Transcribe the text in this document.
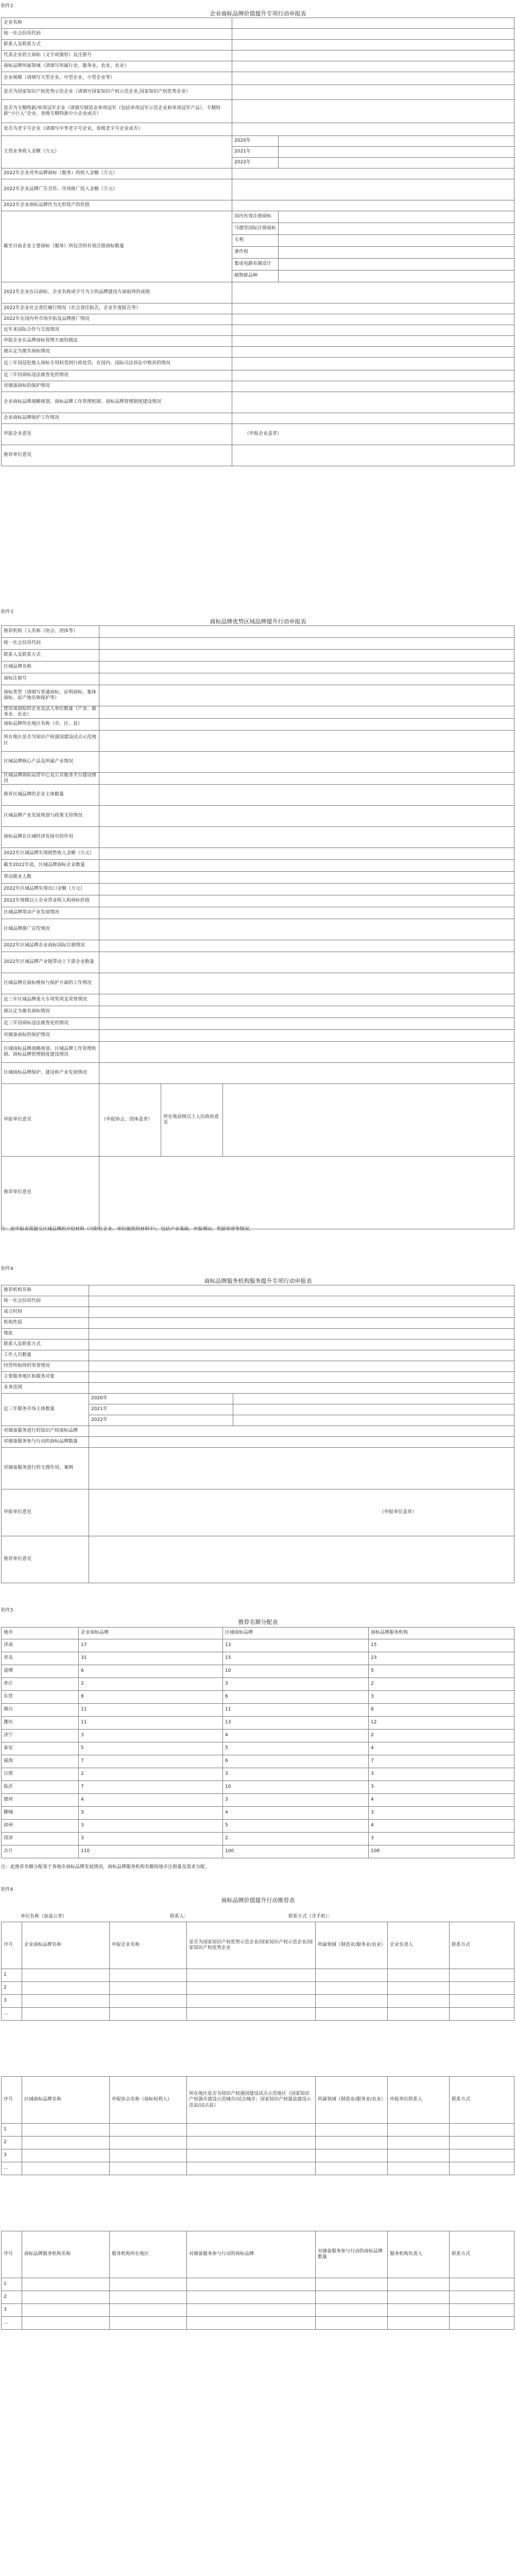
附件2
企业商标品牌价值提升专项行动申报表
企业名称		
统一社会信用代码		
联系人及联系方式		
代表企业的主商标（文字或图形）及注册号		
商标品牌所属领域（请填写所属行业，服务业，农业，农业）		
企业规模（请填写大型企业，中型企业，小型企业等）		
是否为国家知识产权优势示范企业（请填写国家知识产权示范企业,国家知识产权优势企业）		
是否为专精特新/单项冠军企业（请填写制造业单项冠军（包括单项冠军示范企业和单项冠军产品），专精特新“小巨人”企业，省级专精特新中小企业或否）		
是否为老字号企业（请填写中华老字号企业，省级老字号企业或否）		
主营业务收入金额（万元）	2020年	
	2021年	
	2022年	
2022年企业对外品牌商标（服务）的收入金额（万元）		
2022年企业品牌广告宣传、市场推广投入金额（万元）		
2022年企业商标品牌作为无形资产的价值		
截至目前企业主要商标（服务）所包含的有效注册商标数量	国内有效注册商标	
	马德里国际注册商标	
	专利	
	著作权	
	集成电路布图设计	
	植物新品种	
2022年企业在以商标、企业名称或字号为主的品牌建设方面取得的成绩		
2022年企业社会责任履行情况（社会责任报告，企业年度报告等）		
2022年在国内外市场开拓及品牌推广情况		
近年来国际合作与交流情况		
申报企业在品牌商标管理方面的做法		
被认定为驰名商标情况		
近三年因侵犯他人商标专用权受到行政处罚，在国内、国际司法诉讼中败诉的情况		
近三年因商标违法被查处的情况		
对储备商标的保护情况		
企业商标品牌战略规划、商标品牌工作管理机制、商标品牌管理制度建设情况		
企业商标品牌保护工作情况		
申报企业意见	（申报企业盖章）	
推荐单位意见		
附件3
商标品牌优势区域品牌提升行动申报表
推荐机构（人名称（协会、团体等）			
统一社会信用代码			
联系人及联系方式			
区域品牌名称			
商标注册号			
商标类型（请填写普通商标、证明商标、集体商标、原产地名称保护等）			
使用该商标的企业及法人单位数量（产业、服务业、农业）			
商标品牌所在地区名称（市、区、县）			
所在地区是否为知识产权强国建设试点示范地区			
区域品牌核心产品及所属产业情况			
区域品牌商标运营中心及公共服务平台建设情况			
推荐区域品牌的企业主体数量			
区域品牌产业发展规划与政策支持情况			
商标品牌在区域经济发展中的作用			
2022年区域品牌实现销售收入金额（万元）			
截至2022年底，区域品牌商标企业数量			
带动就业人数			
2022年区域品牌实现出口金额（万元）			
2022年规模以上企业营业收入和商标价值			
区域品牌带动产业发展情况			
区域品牌推广宣传情况			
2022年区域品牌企业商标国际注册情况			
2022年区域品牌产业链带动上下游企业数量			
区域品牌在商标维权与保护方面的工作情况			
近三年区域品牌重大专项奖项及荣誉情况			
被认定为驰名商标情况			
近三年因商标违法被查处的情况			
对储备商标的保护情况			
区域商标品牌战略规划、区域品牌工作管理机制、商标品牌管理制度建设情况			
区域商标品牌保护、建设和产业发展情况			
申报单位意见	（申报协会、团体盖章）	所在地县级以上人民政府意见	
推荐单位意见			
注：此申报表需提交区域品牌的介绍材料（可附在企业、单位提供的材料中），包括产业基础、申报理由、奖励荣誉等情况。
附件4
商标品牌服务机构服务提升专项行动申报表
推荐机构名称		
统一社会信用代码		
成立时间		
机构性质		
地址		
联系人及联系方式		
工作人员数量		
经营所取得的荣誉情况		
主要服务地区和服务对象		
业务范围		
近三年服务市场主体数量	2020年	
	2021年	
	2022年	
对储备服务进行的知识产权商标品牌		
对储备服务参与行动的商标品牌数量		
对储备服务进行的支撑作用、案例		
申报单位意见	（申报单位盖章）	
推荐单位意见		
附件5
推荐名额分配表
地市	企业商标品牌	区域商标品牌	商标品牌服务机构
济南	17	13	15
青岛	31	15	23
淄博	6	10	5
枣庄	2	3	2
东营	8	6	3
烟台	11	11	8
潍坊	11	13	12
济宁	3	4	2
泰安	5	5	4
威海	7	6	7
日照	2	3	3
临沂	7	10	3
德州	4	3	4
聊城	3	4	3
滨州	3	5	4
菏泽	3	2	3
合计	110	100	108
注：此推荐名额分配基于各地市商标品牌发展情况，商标品牌服务机构名额按地市注册量及需求分配。
附件6
商标品牌价值提升行动推荐表
单位名称（加盖公章）	联系人：	联系方式（含手机）：
序号	企业商标品牌名称	申报企业名称	是否为国家知识产权优势示范企业/国家知识产权示范企业/国家知识产权优势企业	所属领域（制造业/服务业/农业）	企业负责人	联系方式
1						
2						
3						
…						
序号	区域商标品牌名称	申报协会名称（商标权利人）	所在地区是否为知识产权强国建设试点示范地区（国家知识产权强市建设示范城市/试点城市；国家知识产权强县建设示范县/试点县）	所属领域（制造业/服务业/农业）	申报单位联系人	联系方式
1						
2						
3						
…						
序号	商标品牌服务机构名称	服务机构所在地区	对储备服务参与行动的商标品牌	对储备服务参与行动的商标品牌数量	服务机构负责人	联系方式
1						
2						
3						
…						
